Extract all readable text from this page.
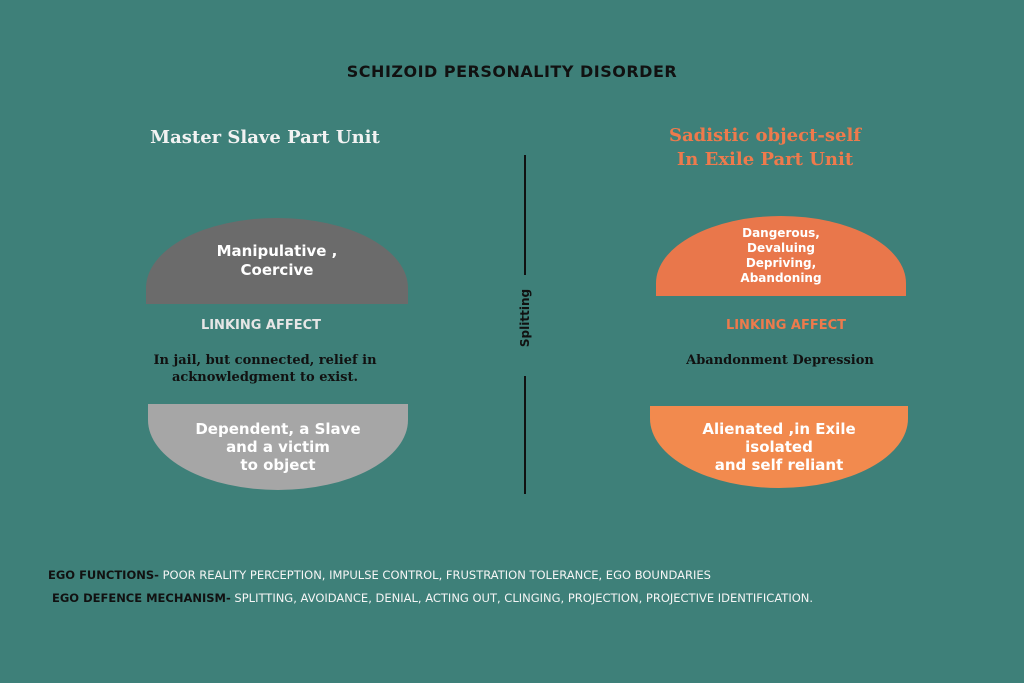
SCHIZOID PERSONALITY DISORDER
Master Slave Part Unit	Sadistic object-self
In Exile Part Unit
Splitting
Manipulative ,
Coercive
LINKING AFFECT
In jail, but connected, relief in
acknowledgment to exist.
Dependent, a Slave
and a victim
to object
Dangerous,
Devaluing
Depriving,
Abandoning
LINKING AFFECT
Abandonment Depression
Alienated ,in Exile
isolated
and self reliant
EGO FUNCTIONS- POOR REALITY PERCEPTION, IMPULSE CONTROL, FRUSTRATION TOLERANCE, EGO BOUNDARIES
EGO DEFENCE MECHANISM- SPLITTING, AVOIDANCE, DENIAL, ACTING OUT, CLINGING, PROJECTION, PROJECTIVE IDENTIFICATION.
